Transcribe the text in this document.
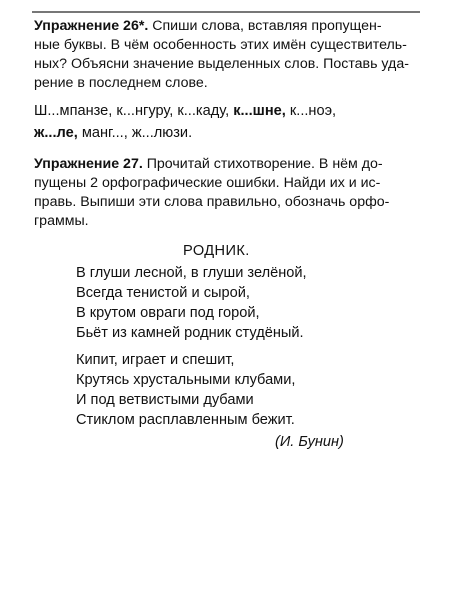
Упражнение 26*. Спиши слова, вставляя пропущен-
ные буквы. В чём особенность этих имён существитель-
ных? Объясни значение выделенных слов. Поставь уда-
рение в последнем слове.
Ш...мпанзе, к...нгуру, к...каду, к...шне, к...ноэ,
ж...ле, манг..., ж...люзи.
Упражнение 27. Прочитай стихотворение. В нём до-
пущены 2 орфографические ошибки. Найди их и ис-
правь. Выпиши эти слова правильно, обозначь орфо-
граммы.
РОДНИК.
В глуши лесной, в глуши зелёной,
Всегда тенистой и сырой,
В крутом овраги под горой,
Бьёт из камней родник студёный.
Кипит, играет и спешит,
Крутясь хрустальными клубами,
И под ветвистыми дубами
Стиклом расплавленным бежит.
(И. Бунин)
